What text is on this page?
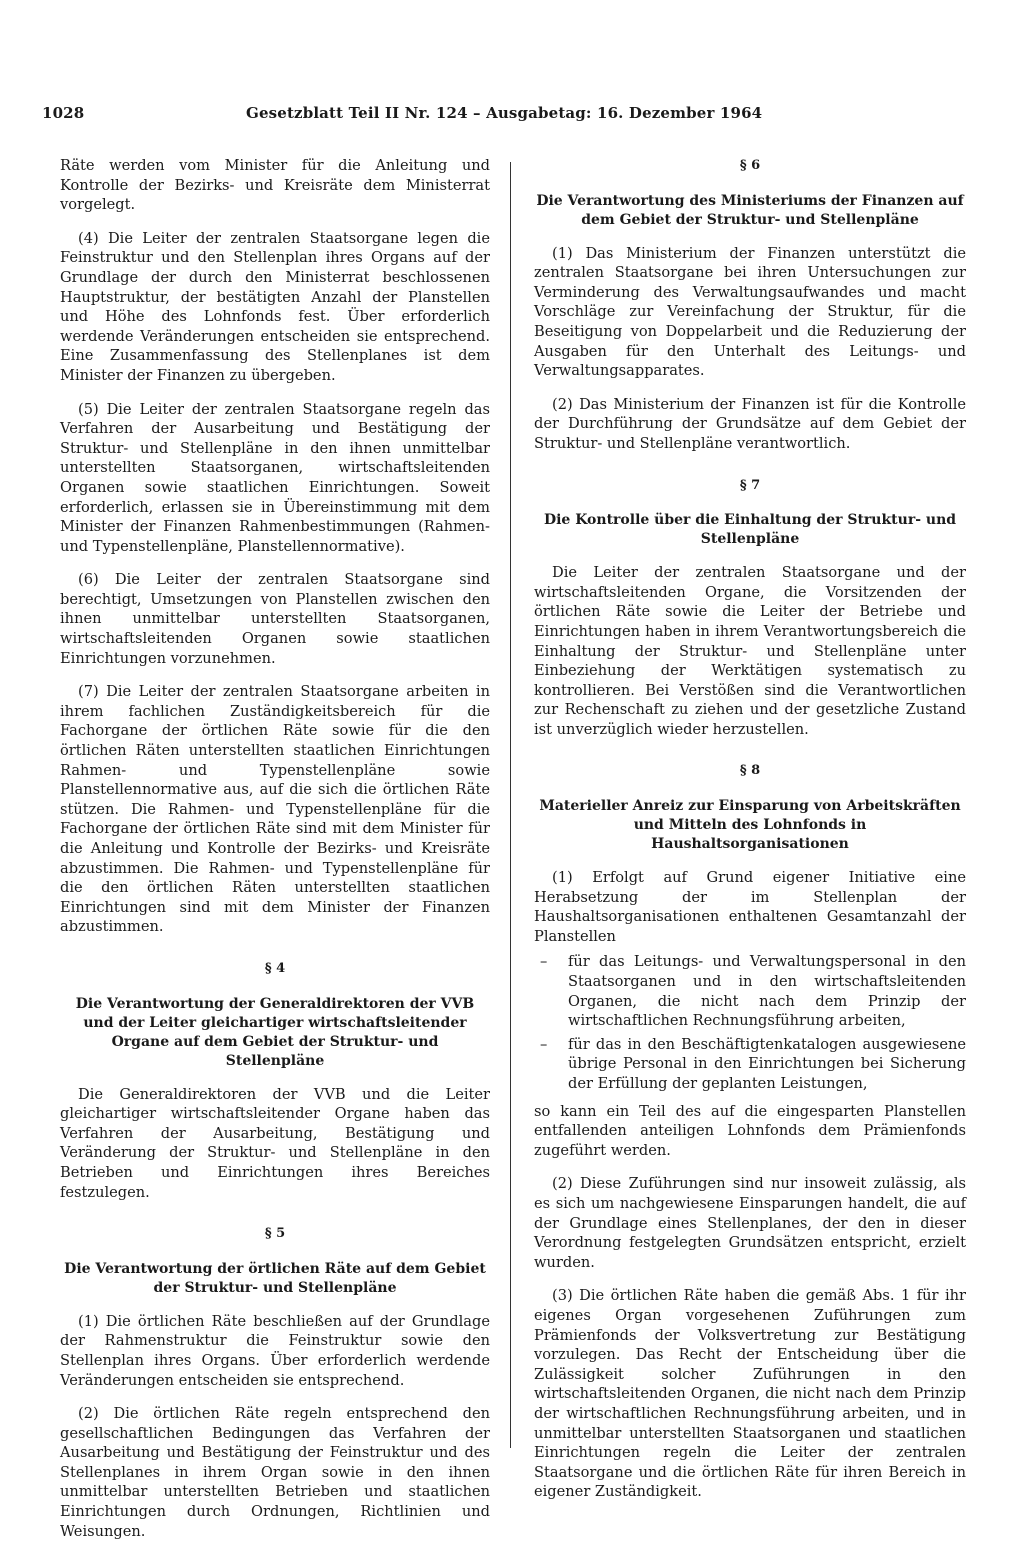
1028	Gesetzblatt Teil II Nr. 124 – Ausgabetag: 16. Dezember 1964

Räte werden vom Minister für die Anleitung und Kontrolle der Bezirks- und Kreisräte dem Ministerrat vorgelegt.

(4) Die Leiter der zentralen Staatsorgane legen die Feinstruktur und den Stellenplan ihres Organs auf der Grundlage der durch den Ministerrat beschlossenen Hauptstruktur, der bestätigten Anzahl der Planstellen und Höhe des Lohnfonds fest. Über erforderlich werdende Veränderungen entscheiden sie entsprechend. Eine Zusammenfassung des Stellenplanes ist dem Minister der Finanzen zu übergeben.

(5) Die Leiter der zentralen Staatsorgane regeln das Verfahren der Ausarbeitung und Bestätigung der Struktur- und Stellenpläne in den ihnen unmittelbar unterstellten Staatsorganen, wirtschaftsleitenden Organen sowie staatlichen Einrichtungen. Soweit erforderlich, erlassen sie in Übereinstimmung mit dem Minister der Finanzen Rahmenbestimmungen (Rahmen- und Typenstellenpläne, Planstellennormative).

(6) Die Leiter der zentralen Staatsorgane sind berechtigt, Umsetzungen von Planstellen zwischen den ihnen unmittelbar unterstellten Staatsorganen, wirtschaftsleitenden Organen sowie staatlichen Einrichtungen vorzunehmen.

(7) Die Leiter der zentralen Staatsorgane arbeiten in ihrem fachlichen Zuständigkeitsbereich für die Fachorgane der örtlichen Räte sowie für die den örtlichen Räten unterstellten staatlichen Einrichtungen Rahmen- und Typenstellenpläne sowie Planstellennormative aus, auf die sich die örtlichen Räte stützen. Die Rahmen- und Typenstellenpläne für die Fachorgane der örtlichen Räte sind mit dem Minister für die Anleitung und Kontrolle der Bezirks- und Kreisräte abzustimmen. Die Rahmen- und Typenstellenpläne für die den örtlichen Räten unterstellten staatlichen Einrichtungen sind mit dem Minister der Finanzen abzustimmen.

§ 4
Die Verantwortung der Generaldirektoren der VVB und der Leiter gleichartiger wirtschaftsleitender Organe auf dem Gebiet der Struktur- und Stellenpläne

Die Generaldirektoren der VVB und die Leiter gleichartiger wirtschaftsleitender Organe haben das Verfahren der Ausarbeitung, Bestätigung und Veränderung der Struktur- und Stellenpläne in den Betrieben und Einrichtungen ihres Bereiches festzulegen.

§ 5
Die Verantwortung der örtlichen Räte auf dem Gebiet der Struktur- und Stellenpläne

(1) Die örtlichen Räte beschließen auf der Grundlage der Rahmenstruktur die Feinstruktur sowie den Stellenplan ihres Organs. Über erforderlich werdende Veränderungen entscheiden sie entsprechend.

(2) Die örtlichen Räte regeln entsprechend den gesellschaftlichen Bedingungen das Verfahren der Ausarbeitung und Bestätigung der Feinstruktur und des Stellenplanes in ihrem Organ sowie in den ihnen unmittelbar unterstellten Betrieben und staatlichen Einrichtungen durch Ordnungen, Richtlinien und Weisungen.

§ 6
Die Verantwortung des Ministeriums der Finanzen auf dem Gebiet der Struktur- und Stellenpläne

(1) Das Ministerium der Finanzen unterstützt die zentralen Staatsorgane bei ihren Untersuchungen zur Verminderung des Verwaltungsaufwandes und macht Vorschläge zur Vereinfachung der Struktur, für die Beseitigung von Doppelarbeit und die Reduzierung der Ausgaben für den Unterhalt des Leitungs- und Verwaltungsapparates.

(2) Das Ministerium der Finanzen ist für die Kontrolle der Durchführung der Grundsätze auf dem Gebiet der Struktur- und Stellenpläne verantwortlich.

§ 7
Die Kontrolle über die Einhaltung der Struktur- und Stellenpläne

Die Leiter der zentralen Staatsorgane und der wirtschaftsleitenden Organe, die Vorsitzenden der örtlichen Räte sowie die Leiter der Betriebe und Einrichtungen haben in ihrem Verantwortungsbereich die Einhaltung der Struktur- und Stellenpläne unter Einbeziehung der Werktätigen systematisch zu kontrollieren. Bei Verstößen sind die Verantwortlichen zur Rechenschaft zu ziehen und der gesetzliche Zustand ist unverzüglich wieder herzustellen.

§ 8
Materieller Anreiz zur Einsparung von Arbeitskräften und Mitteln des Lohnfonds in Haushaltsorganisationen

(1) Erfolgt auf Grund eigener Initiative eine Herabsetzung der im Stellenplan der Haushaltsorganisationen enthaltenen Gesamtanzahl der Planstellen

– für das Leitungs- und Verwaltungspersonal in den Staatsorganen und in den wirtschaftsleitenden Organen, die nicht nach dem Prinzip der wirtschaftlichen Rechnungsführung arbeiten,
– für das in den Beschäftigtenkatalogen ausgewiesene übrige Personal in den Einrichtungen bei Sicherung der Erfüllung der geplanten Leistungen,

so kann ein Teil des auf die eingesparten Planstellen entfallenden anteiligen Lohnfonds dem Prämienfonds zugeführt werden.

(2) Diese Zuführungen sind nur insoweit zulässig, als es sich um nachgewiesene Einsparungen handelt, die auf der Grundlage eines Stellenplanes, der den in dieser Verordnung festgelegten Grundsätzen entspricht, erzielt wurden.

(3) Die örtlichen Räte haben die gemäß Abs. 1 für ihr eigenes Organ vorgesehenen Zuführungen zum Prämienfonds der Volksvertretung zur Bestätigung vorzulegen. Das Recht der Entscheidung über die Zulässigkeit solcher Zuführungen in den wirtschaftsleitenden Organen, die nicht nach dem Prinzip der wirtschaftlichen Rechnungsführung arbeiten, und in unmittelbar unterstellten Staatsorganen und staatlichen Einrichtungen regeln die Leiter der zentralen Staatsorgane und die örtlichen Räte für ihren Bereich in eigener Zuständigkeit.
